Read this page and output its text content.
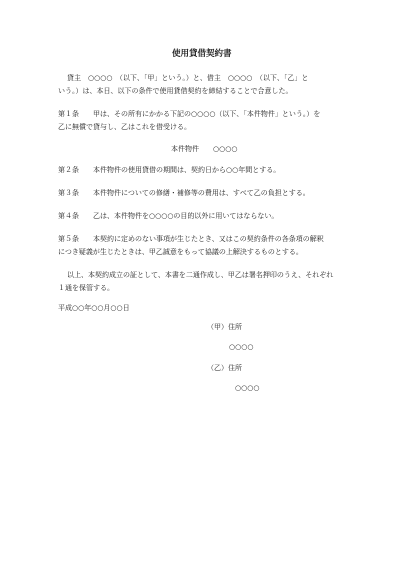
使用貸借契約書
貸主　○○○○　（以下、「甲」という。）と、借主　○○○○　（以下、「乙」と
いう。）は、本日、以下の条件で使用貸借契約を締結することで合意した。
第１条　　甲は、その所有にかかる下記の○○○○（以下、「本件物件」という。）を
乙に無償で貸与し、乙はこれを借受ける。
本件物件　　○○○○
第２条　　本件物件の使用貸借の期間は、契約日から○○年間とする。
第３条　　本件物件についての修繕・補修等の費用は、すべて乙の負担とする。
第４条　　乙は、本件物件を○○○○の目的以外に用いてはならない。
第５条　　本契約に定めのない事項が生じたとき、又はこの契約条件の各条項の解釈
につき疑義が生じたときは、甲乙誠意をもって協議の上解決するものとする。
以上、本契約成立の証として、本書を二通作成し、甲乙は署名押印のうえ、それぞれ
１通を保管する。
平成○○年○○月○○日
（甲）住所
○○○○
（乙）住所
○○○○
